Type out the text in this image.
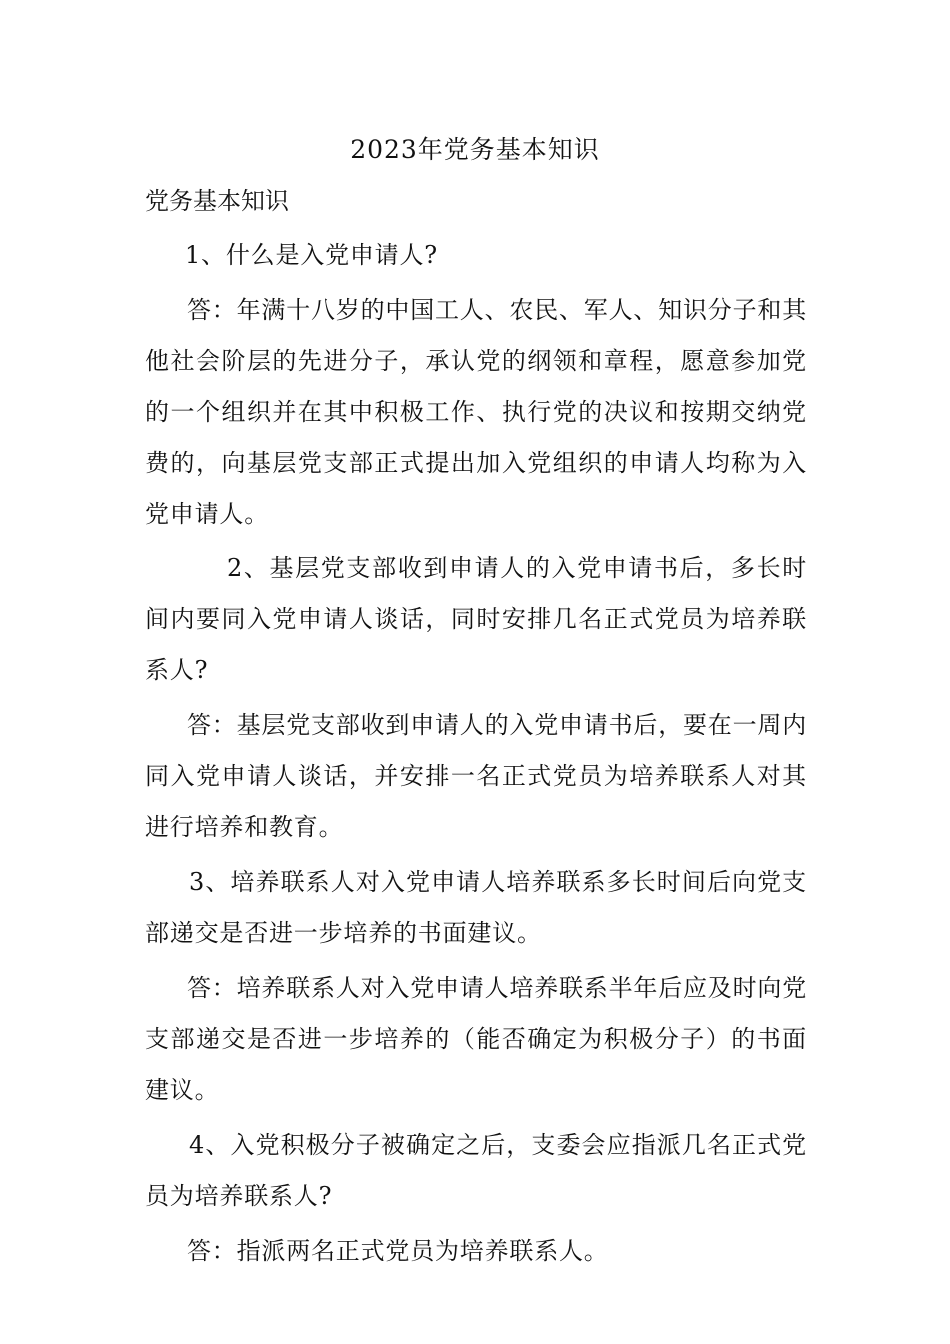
2023年党务基本知识
党务基本知识

1、什么是入党申请人?

答：年满十八岁的中国工人、农民、军人、知识分子和其他社会阶层的先进分子，承认党的纲领和章程，愿意参加党的一个组织并在其中积极工作、执行党的决议和按期交纳党费的，向基层党支部正式提出加入党组织的申请人均称为入党申请人。

2、基层党支部收到申请人的入党申请书后，多长时间内要同入党申请人谈话，同时安排几名正式党员为培养联系人?

答：基层党支部收到申请人的入党申请书后，要在一周内同入党申请人谈话，并安排一名正式党员为培养联系人对其进行培养和教育。

3、培养联系人对入党申请人培养联系多长时间后向党支部递交是否进一步培养的书面建议。

答：培养联系人对入党申请人培养联系半年后应及时向党支部递交是否进一步培养的（能否确定为积极分子）的书面建议。

4、入党积极分子被确定之后，支委会应指派几名正式党员为培养联系人?

答：指派两名正式党员为培养联系人。
